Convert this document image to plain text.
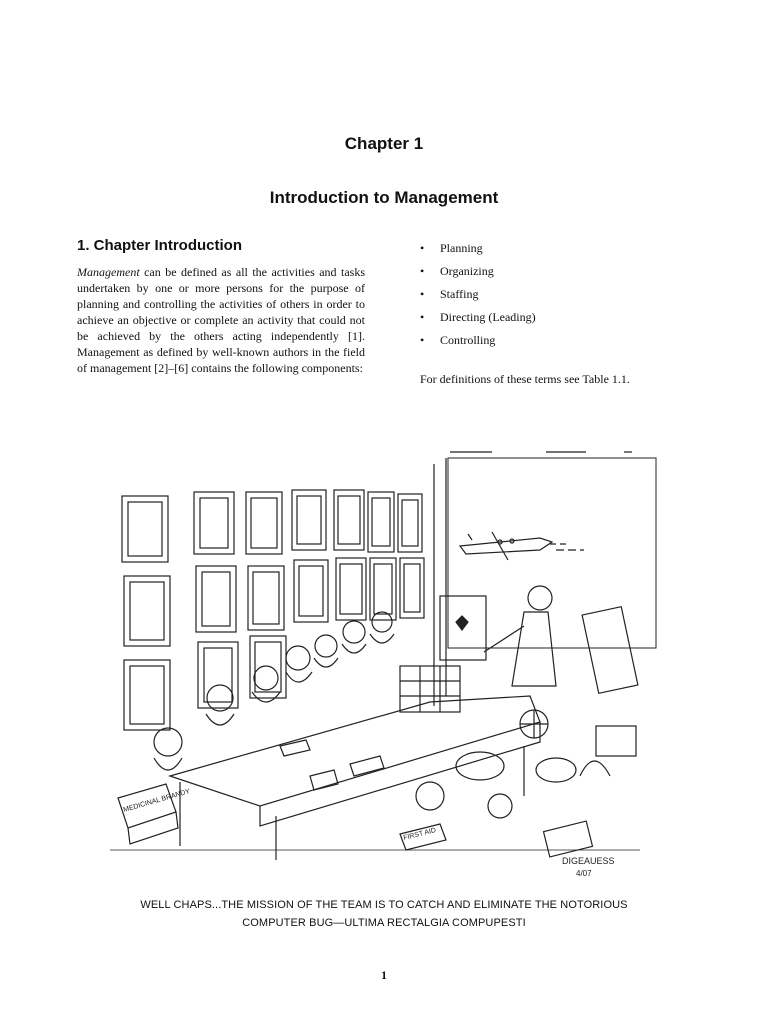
Chapter 1
Introduction to Management
1. Chapter Introduction
Management can be defined as all the activities and tasks undertaken by one or more persons for the purpose of planning and controlling the activities of others in order to achieve an objective or complete an activity that could not be achieved by the others acting independently [1]. Management as defined by well-known authors in the field of management [2]–[6] contains the following components:
•	Planning
•	Organizing
•	Staffing
•	Directing (Leading)
•	Controlling
For definitions of these terms see Table 1.1.
MEDICINAL BRANDY
FIRST AID
DIGEAUESS
4/07
WELL CHAPS...THE MISSION OF THE TEAM IS TO CATCH AND ELIMINATE THE NOTORIOUS
COMPUTER BUG—ULTIMA RECTALGIA COMPUPESTI
1
